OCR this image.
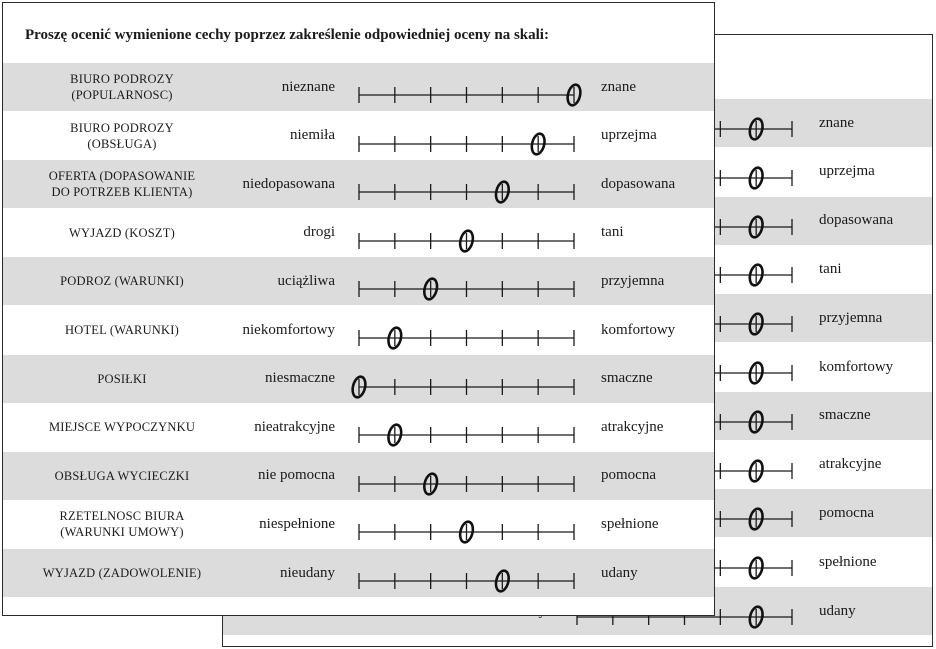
znane
uprzejma
dopasowana
tani
przyjemna
komfortowy
smaczne
atrakcyjne
pomocna
spełnione
udany
Proszę ocenić wymienione cechy poprzez zakreślenie odpowiedniej oceny na skali:
BIURO PODROZY
(POPULARNOSC)
nieznane	znane
BIURO PODROZY
(OBSŁUGA)
niemiła	uprzejma
OFERTA (DOPASOWANIE
DO POTRZEB KLIENTA)
niedopasowana	dopasowana
WYJAZD (KOSZT)	drogi	tani
PODROZ (WARUNKI)	uciążliwa	przyjemna
HOTEL (WARUNKI)	niekomfortowy	komfortowy
POSIŁKI	niesmaczne	smaczne
MIEJSCE WYPOCZYNKU	nieatrakcyjne	atrakcyjne
OBSŁUGA WYCIECZKI	nie pomocna	pomocna
RZETELNOSC BIURA
(WARUNKI UMOWY)
niespełnione	spełnione
WYJAZD (ZADOWOLENIE)	nieudany	udany
